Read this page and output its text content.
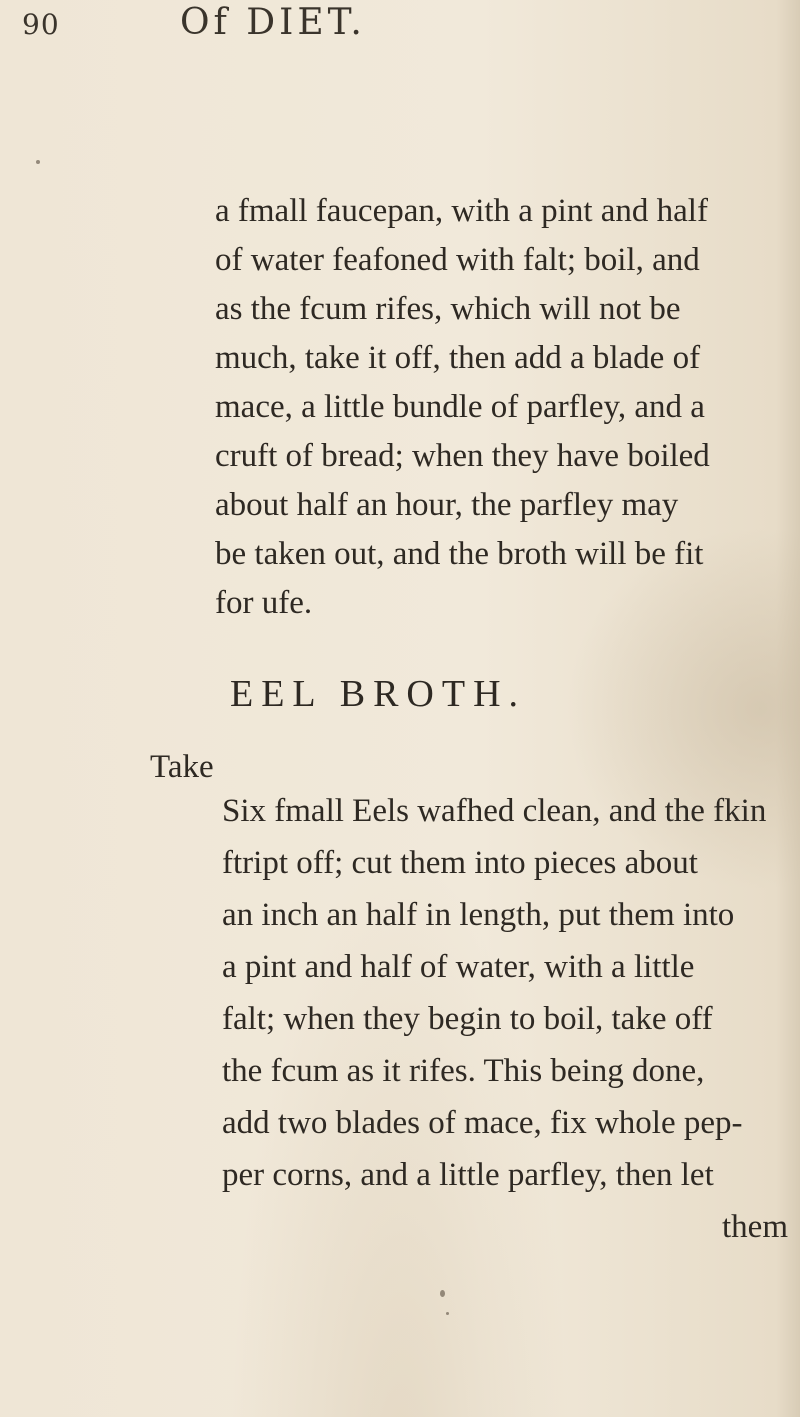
90	Of DIET.
a fmall faucepan, with a pint and half
of water feafoned with falt; boil, and
as the fcum rifes, which will not be
much, take it off, then add a blade of
mace, a little bundle of parfley, and a
cruft of bread; when they have boiled
about half an hour, the parfley may
be taken out, and the broth will be fit
for ufe.
EEL BROTH.
Take
Six fmall Eels wafhed clean, and the fkin
ftript off; cut them into pieces about
an inch an half in length, put them into
a pint and half of water, with a little
falt; when they begin to boil, take off
the fcum as it rifes. This being done,
add two blades of mace, fix whole pep-
per corns, and a little parfley, then let
them
